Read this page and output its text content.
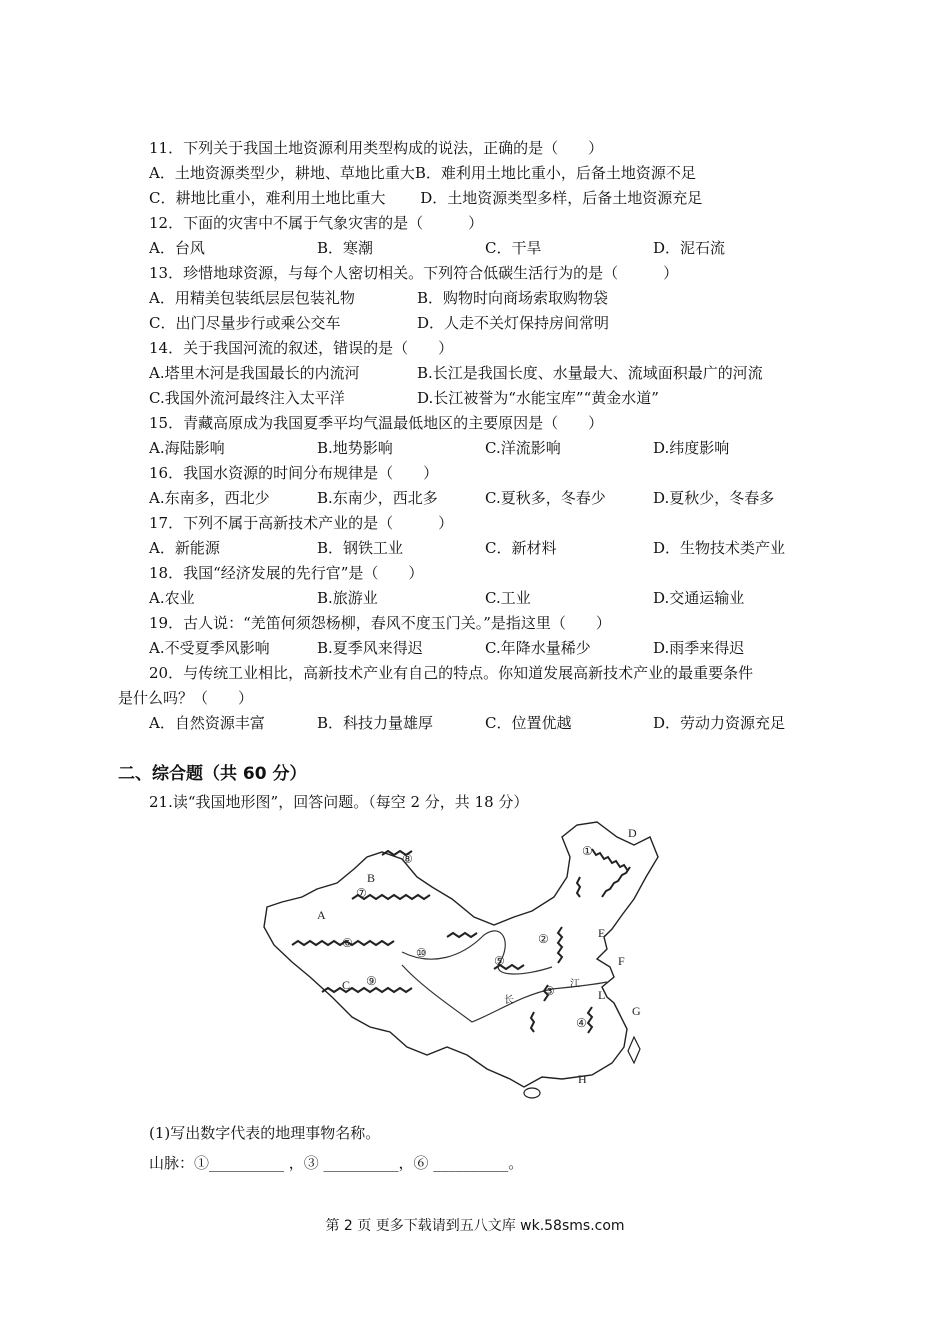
11．下列关于我国土地资源利用类型构成的说法，正确的是（　　）
A．土地资源类型少，耕地、草地比重大B．难利用土地比重小，后备土地资源不足
C．耕地比重小，难利用土地比重大　　 D．土地资源类型多样，后备土地资源充足
12．下面的灾害中不属于气象灾害的是（　　　）
A．台风	B．寒潮	C．干旱	D．泥石流
13．珍惜地球资源，与每个人密切相关。下列符合低碳生活行为的是（　　　）
A．用精美包装纸层层包装礼物	B．购物时向商场索取购物袋
C．出门尽量步行或乘公交车	D．人走不关灯保持房间常明
14．关于我国河流的叙述，错误的是（　　）
A.塔里木河是我国最长的内流河	B.长江是我国长度、水量最大、流域面积最广的河流
C.我国外流河最终注入太平洋	D.长江被誉为“水能宝库”“黄金水道”
15．青藏高原成为我国夏季平均气温最低地区的主要原因是（　　）
A.海陆影响	B.地势影响	C.洋流影响	D.纬度影响
16．我国水资源的时间分布规律是（　　）
A.东南多，西北少	B.东南少，西北多	C.夏秋多，冬春少	D.夏秋少，冬春多
17．下列不属于高新技术产业的是（　　　）
A．新能源	B．钢铁工业	C．新材料	D．生物技术类产业
18．我国“经济发展的先行官”是（　　）
A.农业	B.旅游业	C.工业	D.交通运输业
19．古人说：“羌笛何须怨杨柳，春风不度玉门关。”是指这里（　　）
A.不受夏季风影响	B.夏季风来得迟	C.年降水量稀少	D.雨季来得迟
20．与传统工业相比，高新技术产业有自己的特点。你知道发展高新技术产业的最重要条件
是什么吗？（　　）
A．自然资源丰富	B．科技力量雄厚	C．位置优越	D．劳动力资源充足
二、综合题（共 60 分）
21.读“我国地形图”，回答问题。（每空 2 分，共 18 分）
A
B
C
D
E
F
G
H
L
①
②
③
④
⑤
⑥
⑦
⑧
⑨
⑩
长
江
(1)写出数字代表的地理事物名称。
山脉：①__________ ，③ __________，⑥ __________。
第 2 页 更多下载请到五八文库 wk.58sms.com
